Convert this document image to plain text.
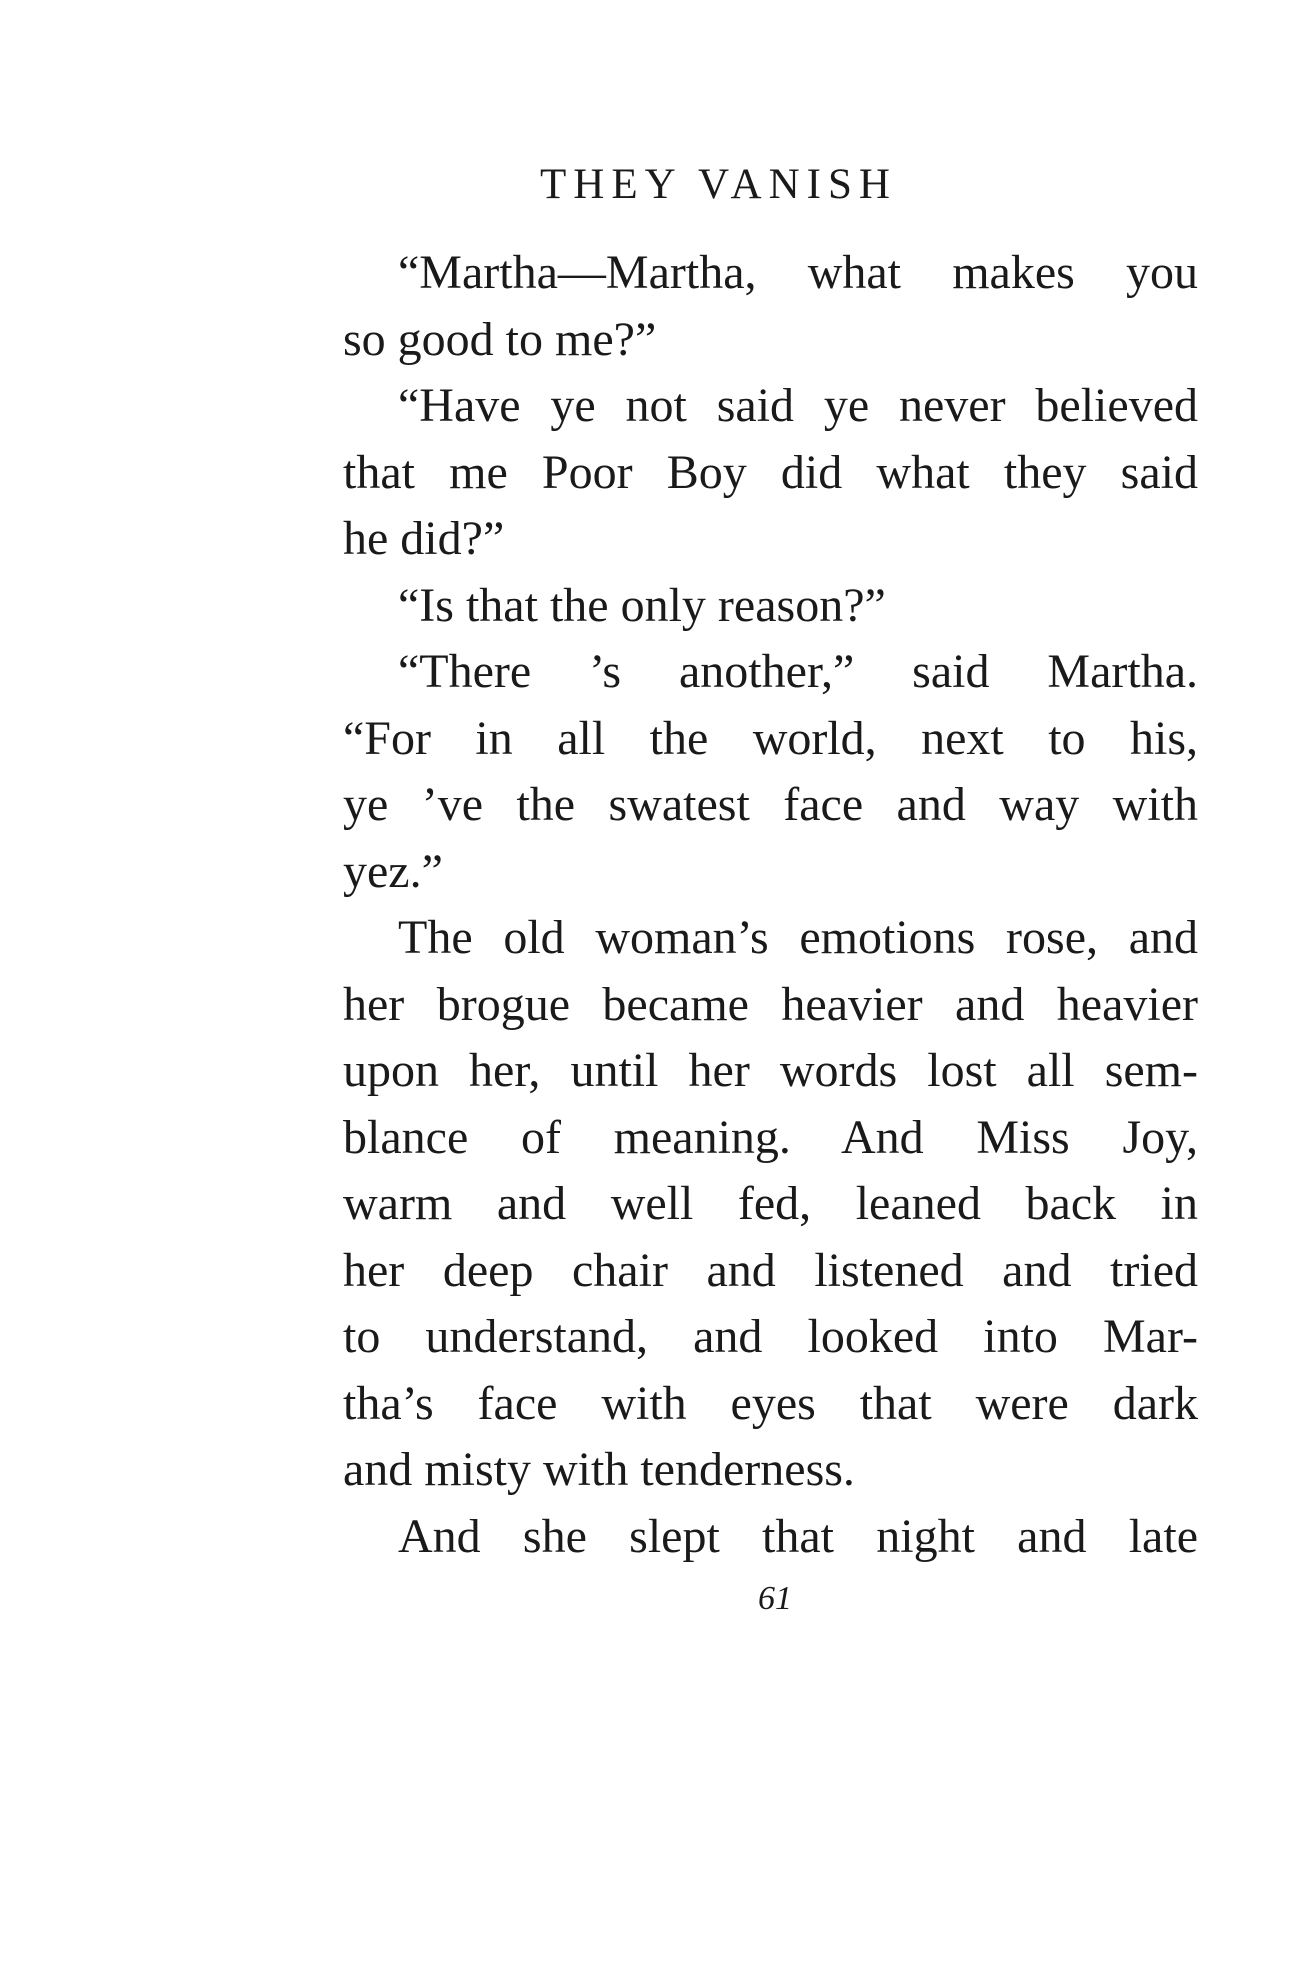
THEY VANISH
“Martha—Martha, what makes you
so good to me?”
“Have ye not said ye never believed
that me Poor Boy did what they said
he did?”
“Is that the only reason?”
“There ’s another,” said Martha.
“For in all the world, next to his,
ye ’ve the swatest face and way with
yez.”
The old woman’s emotions rose, and
her brogue became heavier and heavier
upon her, until her words lost all sem-
blance of meaning. And Miss Joy,
warm and well fed, leaned back in
her deep chair and listened and tried
to understand, and looked into Mar-
tha’s face with eyes that were dark
and misty with tenderness.
And she slept that night and late
61
